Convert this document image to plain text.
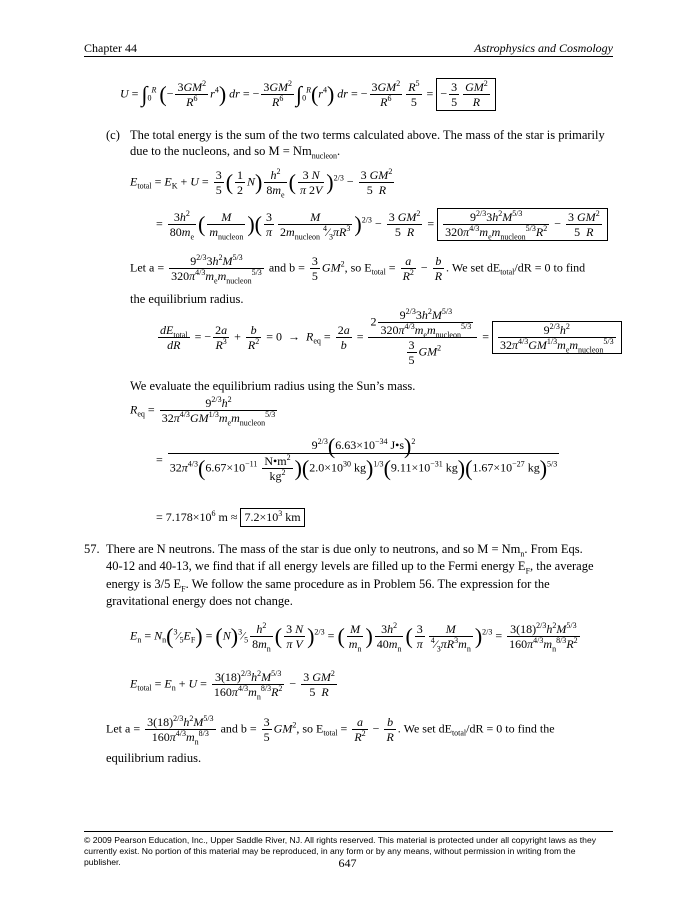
Chapter 44	Astrophysics and Cosmology
$U = \int_0^R$ (− $\frac{3GM^2}{R^6} r^4$) dr = − $\frac{3GM^2}{R^6} \int_0^R(r^4)$ dr = − $\frac{3GM^2}{R^6} \frac{R^5}{5}$ = − $\frac{3}{5} \frac{GM^2}{R}$
(c) The total energy is the sum of the two terms calculated above. The mass of the star is primarily
due to the nucleons, and so $M = Nm_{nucleon}$.
$E_{total} = E_K + U = \frac{3}{5}$ ( $\frac{1}{2} N) \frac{h^2}{8m_e}$ ( $\frac{3 N}{\pi 2V} )^{2/3} - \frac{3 GM^2}{5 R}$
= $\frac{3h^2}{80m_e}$ ( $\frac{M}{m_{nucleon}}$ )( $\frac{3}{\pi} \frac{M}{2m_{nucleon} ^4⁄_3\pi R^3} )^{2/3} - \frac{3 GM^2}{5 R} = \frac{9^{2/3}3h^2M^{5/3}}{320\pi^{4/3}m_em_{nucleon}^{5/3}R^2} - \frac{3 GM^2}{5 R}$
Let $a = \frac{9^{2/3}3h^2M^{5/3}}{320\pi^{4/3}m_em_{nucleon}^{5/3}}$ and $b = \frac{3}{5} GM^2$, so $E_{total} = \frac{a}{R^2} - \frac{b}{R}$ . We set $dE_{total}/dR = 0$ to find
the equilibrium radius.
$\frac{dE_{total}}{dR}$ = − $\frac{2a}{R^3} + \frac{b}{R^2} = 0 \to R_{eq} = \frac{2a}{b} = \frac{2 \frac{9^{2/3}3h^2M^{5/3}}{320\pi^{4/3}m_em_{nucleon}^{5/3}}}{\frac{3}{5} GM^2} = \frac{9^{2/3}h^2}{32\pi^{4/3}GM^{1/3}m_em_{nucleon}^{5/3}}$
We evaluate the equilibrium radius using the Sun’s mass.
$R_{eq} = \frac{9^{2/3}h^2}{32\pi^{4/3}GM^{1/3}m_em_{nucleon}^{5/3}}$
=
$9^{2/3}(6.63\times 10^{-34}$ J•s)$^2$
$32\pi^{4/3}(6.67\times 10^{-11} \frac{N•m^2}{kg^2} )(2.0\times 10^{30}$ $kg)^{1/3}(9.11\times 10^{-31}$ $kg)(1.67\times 10^{-27}$ kg)$^{5/3}$
= $7.178\times 10^6$ $m \approx 7.2\times 10^3$ km
57. There are N neutrons. The mass of the star is due only to neutrons, and so $M = Nm_n$. From Eqs.
40-12 and 40-13, we find that if all energy levels are filled up to the Fermi energy $E_F$, the average
energy is 3/5 $E_F$. We follow the same procedure as in Problem 56. The expression for the
gravitational energy does not change.
$E_n$ = $N_n(^3⁄_5E_F)$ = $(N)^3⁄_5 \frac{h^2}{8m_n}$ ( $\frac{3 N}{\text{π V}} )^{2/3}$ = ( $\frac{M}{m_n}$ ) $\frac{3h^2}{40m_n}$ ( $\frac{3}{\pi} \frac{M}{^4⁄_3\pi R^3m_n} )^{2/3} = \frac{3(18)^{2/3}h^2M^{5/3}}{160\pi^{4/3}m_n^{8/3}R^2}$
$E_{total} = E_n + U = \frac{3(18)^{2/3}h^2M^{5/3}}{160\pi^{4/3}m_n^{8/3}R^2} - \frac{3 GM^2}{5 R}$
Let $a = \frac{3(18)^{2/3}h^2M^{5/3}}{160\pi^{4/3}m_n^{8/3}}$ and $b = \frac{3}{5} GM^2$, so $E_{total} = \frac{a}{R^2} - \frac{b}{R}$ . We set $dE_{total}/dR = 0$ to find the
equilibrium radius.
© 2009 Pearson Education, Inc., Upper Saddle River, NJ. All rights reserved. This material is protected under all copyright laws as they currently exist. No portion of this material may be reproduced, in any form or by any means, without permission in writing from the publisher.	647
